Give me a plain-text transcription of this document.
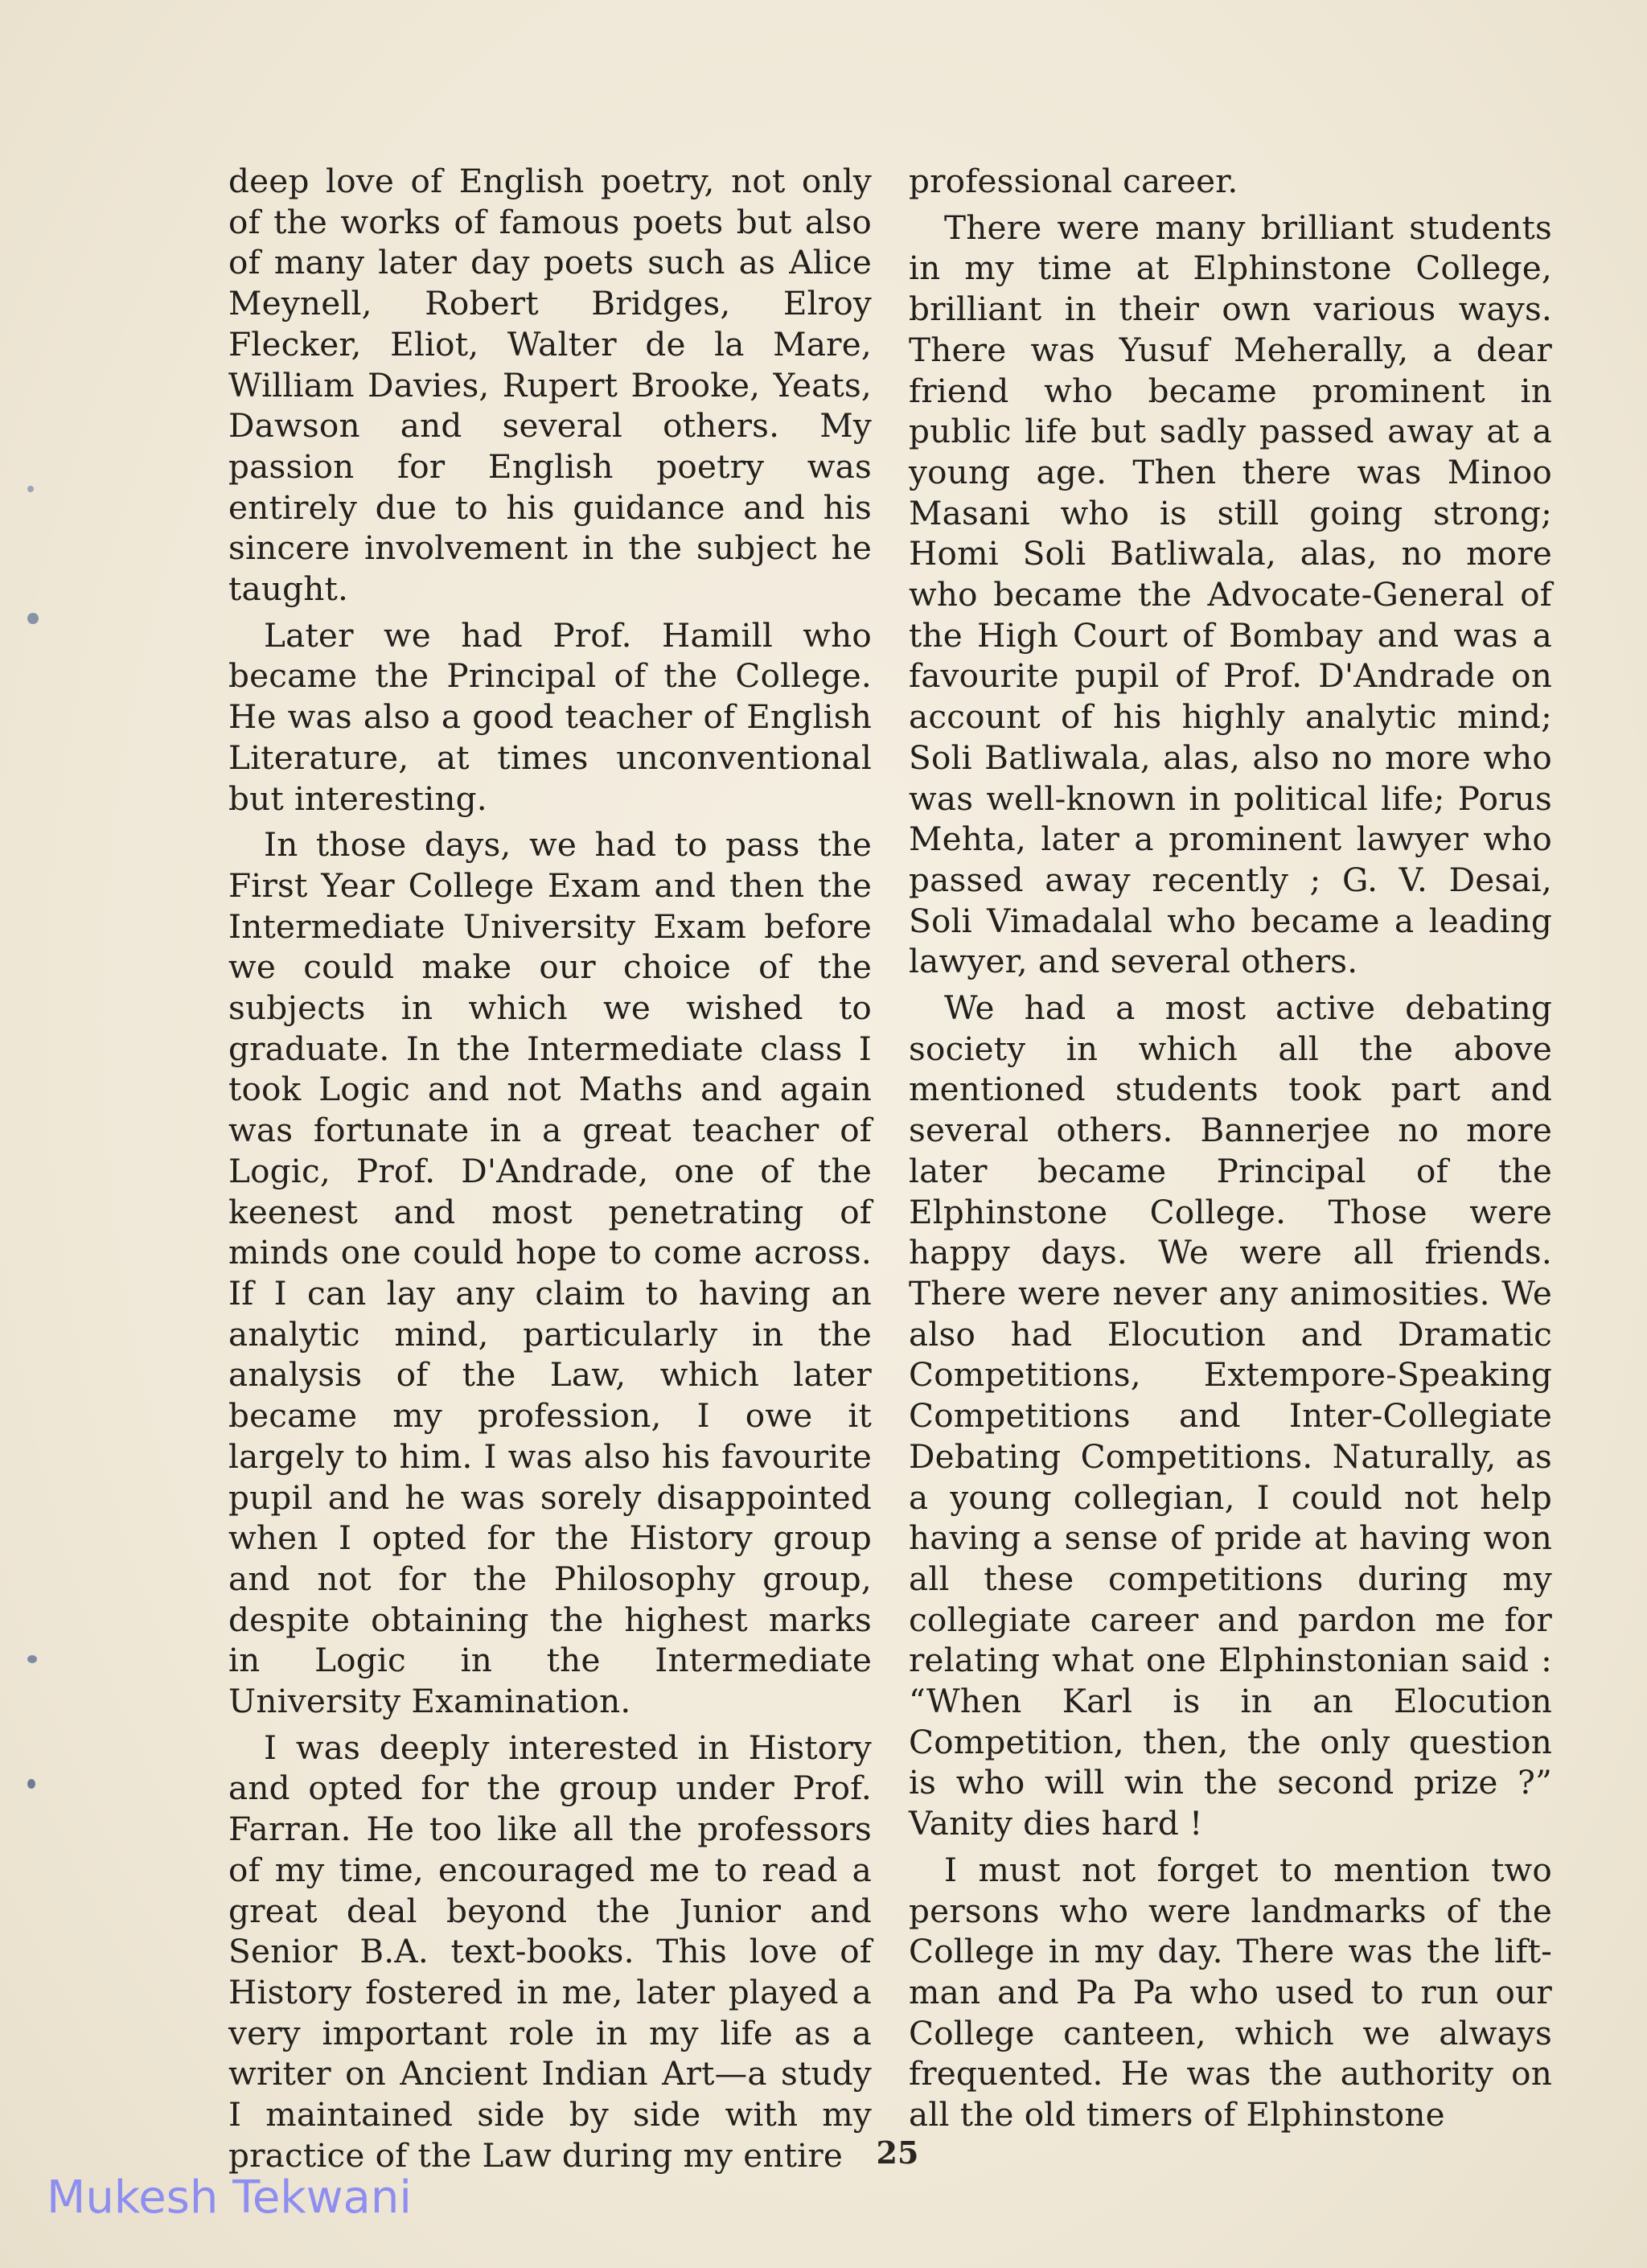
deep love of English poetry, not only of the works of famous poets but also of many later day poets such as Alice Meynell, Robert Bridges, Elroy Flecker, Eliot, Walter de la Mare, William Davies, Rupert Brooke, Yeats, Dawson and several others. My passion for English poetry was entirely due to his guidance and his sincere involvement in the subject he taught.

Later we had Prof. Hamill who became the Principal of the College. He was also a good teacher of English Literature, at times unconventional but interesting.

In those days, we had to pass the First Year College Exam and then the Intermediate University Exam before we could make our choice of the subjects in which we wished to graduate. In the Intermediate class I took Logic and not Maths and again was fortunate in a great teacher of Logic, Prof. D'Andrade, one of the keenest and most penetrating of minds one could hope to come across. If I can lay any claim to having an analytic mind, particularly in the analysis of the Law, which later became my profession, I owe it largely to him. I was also his favourite pupil and he was sorely disappointed when I opted for the History group and not for the Philosophy group, despite obtaining the highest marks in Logic in the Intermediate University Examination.

I was deeply interested in History and opted for the group under Prof. Farran. He too like all the professors of my time, encouraged me to read a great deal beyond the Junior and Senior B.A. text-books. This love of History fostered in me, later played a very important role in my life as a writer on Ancient Indian Art—a study I maintained side by side with my practice of the Law during my entire

professional career.

There were many brilliant students in my time at Elphinstone College, brilliant in their own various ways. There was Yusuf Meherally, a dear friend who became prominent in public life but sadly passed away at a young age. Then there was Minoo Masani who is still going strong; Homi Soli Batliwala, alas, no more who became the Advocate-General of the High Court of Bombay and was a favourite pupil of Prof. D'Andrade on account of his highly analytic mind; Soli Batliwala, alas, also no more who was well-known in political life; Porus Mehta, later a prominent lawyer who passed away recently ; G. V. Desai, Soli Vimadalal who became a leading lawyer, and several others.

We had a most active debating society in which all the above mentioned students took part and several others. Bannerjee no more later became Principal of the Elphinstone College. Those were happy days. We were all friends. There were never any animosities. We also had Elocution and Dramatic Competitions, Extempore-Speaking Competitions and Inter-Collegiate Debating Competitions. Naturally, as a young collegian, I could not help having a sense of pride at having won all these competitions during my collegiate career and pardon me for relating what one Elphinstonian said : “When Karl is in an Elocution Competition, then, the only question is who will win the second prize ?” Vanity dies hard !

I must not forget to mention two persons who were landmarks of the College in my day. There was the lift-man and Pa Pa who used to run our College canteen, which we always frequented. He was the authority on all the old timers of Elphinstone

25
Mukesh Tekwani
